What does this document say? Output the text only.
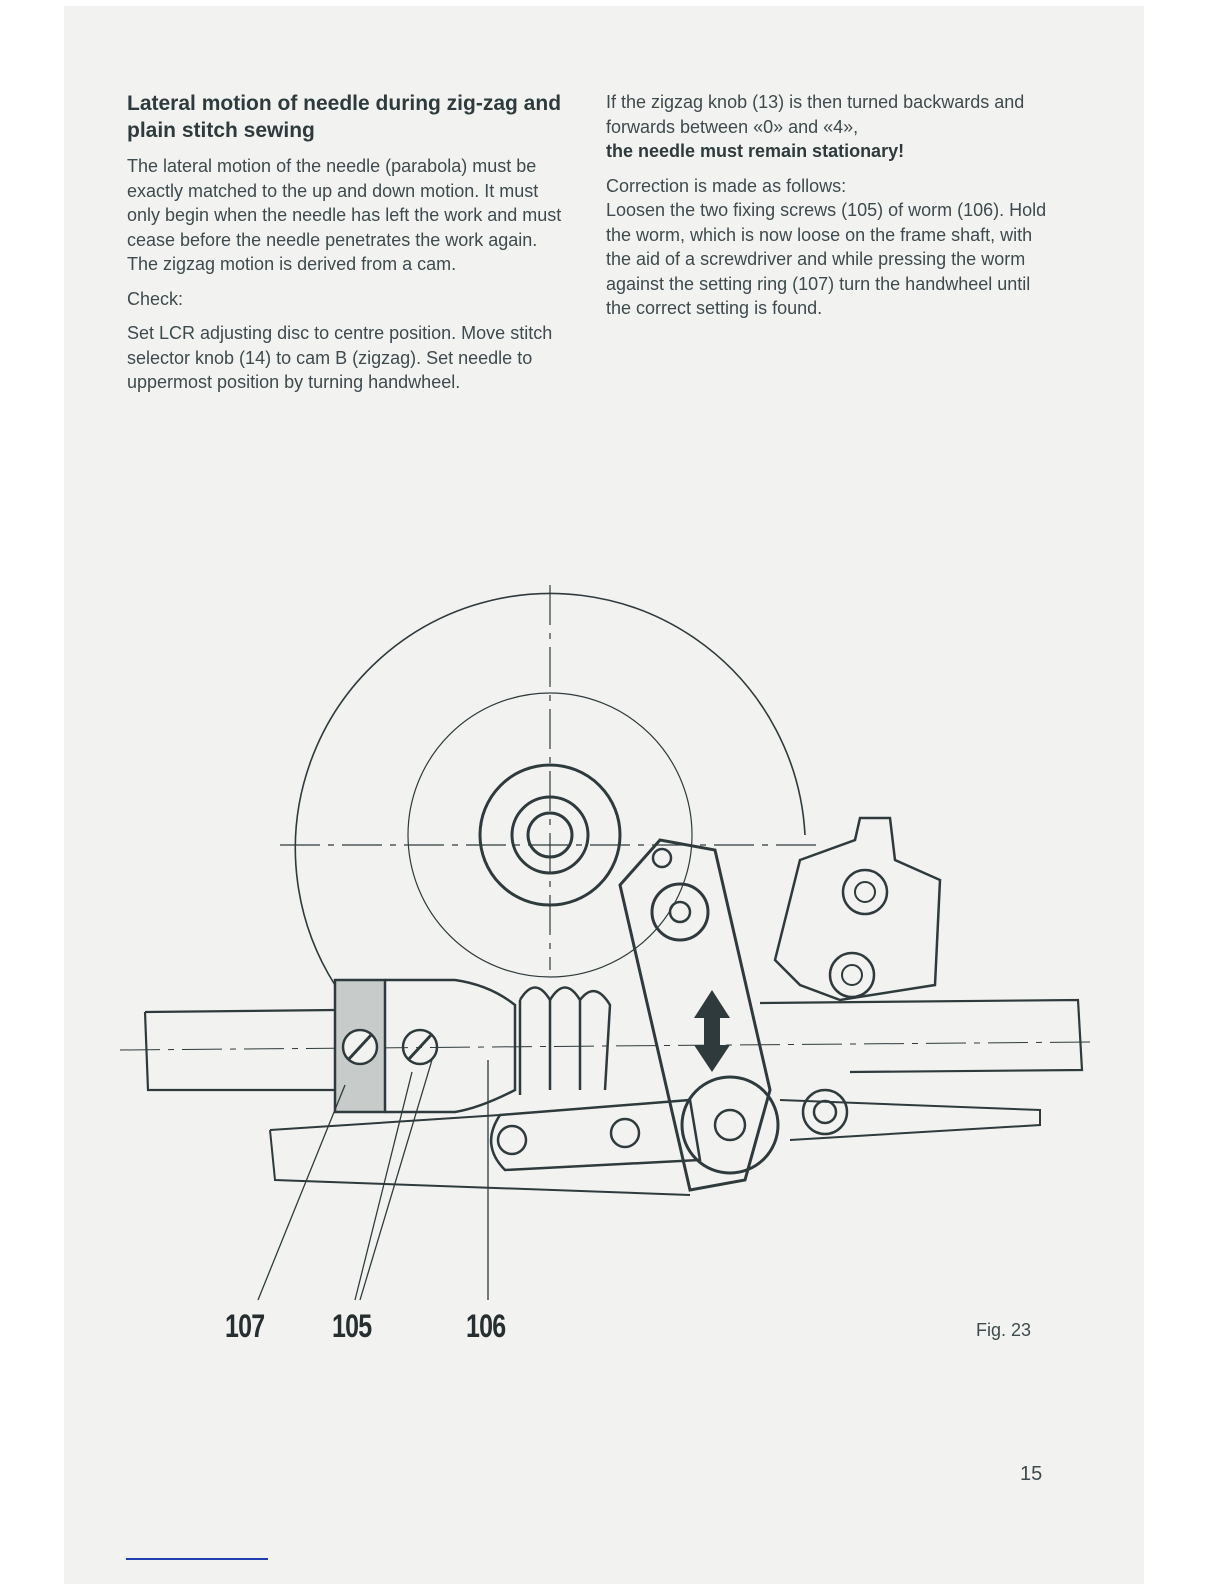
Lateral motion of needle during zig-zag and plain stitch sewing

The lateral motion of the needle (parabola) must be exactly matched to the up and down motion. It must only begin when the needle has left the work and must cease before the needle penetrates the work again. The zigzag motion is derived from a cam.

Check:

Set LCR adjusting disc to centre position. Move stitch selector knob (14) to cam B (zigzag). Set needle to uppermost position by turning handwheel.

If the zigzag knob (13) is then turned backwards and forwards between «0» and «4»,
the needle must remain stationary!

Correction is made as follows:

Loosen the two fixing screws (105) of worm (106). Hold the worm, which is now loose on the frame shaft, with the aid of a screwdriver and while pressing the worm against the setting ring (107) turn the handwheel until the correct setting is found.

107 105	106	Fig. 23
15
